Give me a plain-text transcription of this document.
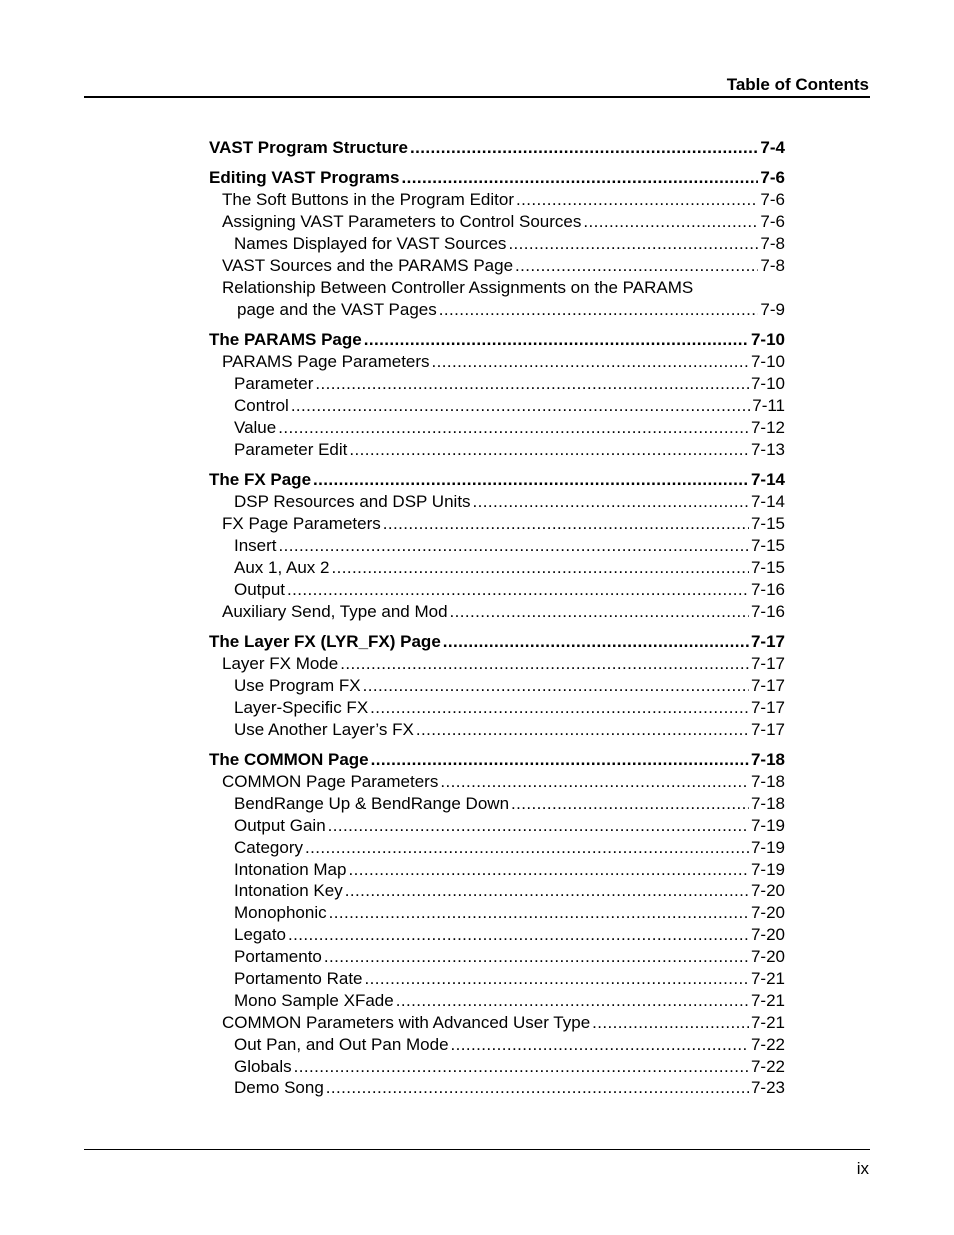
Table of Contents
VAST Program Structure .....	7-4
Editing VAST Programs .....	7-6
The Soft Buttons in the Program Editor .....	7-6
Assigning VAST Parameters to Control Sources .....	7-6
Names Displayed for VAST Sources .....	7-8
VAST Sources and the PARAMS Page .....	7-8
Relationship Between Controller Assignments on the PARAMS
page and the VAST Pages .....	7-9
The PARAMS Page .....	7-10
PARAMS Page Parameters .....	7-10
Parameter .....	7-10
Control .....	7-11
Value .....	7-12
Parameter Edit .....	7-13
The FX Page .....	7-14
DSP Resources and DSP Units .....	7-14
FX Page Parameters .....	7-15
Insert .....	7-15
Aux 1, Aux 2 .....	7-15
Output .....	7-16
Auxiliary Send, Type and Mod .....	7-16
The Layer FX (LYR_FX) Page .....	7-17
Layer FX Mode .....	7-17
Use Program FX .....	7-17
Layer-Specific FX .....	7-17
Use Another Layer’s FX .....	7-17
The COMMON Page .....	7-18
COMMON Page Parameters .....	7-18
BendRange Up & BendRange Down .....	7-18
Output Gain .....	7-19
Category .....	7-19
Intonation Map .....	7-19
Intonation Key .....	7-20
Monophonic .....	7-20
Legato .....	7-20
Portamento .....	7-20
Portamento Rate .....	7-21
Mono Sample XFade .....	7-21
COMMON Parameters with Advanced User Type .....	7-21
Out Pan, and Out Pan Mode .....	7-22
Globals .....	7-22
Demo Song .....	7-23
ix
